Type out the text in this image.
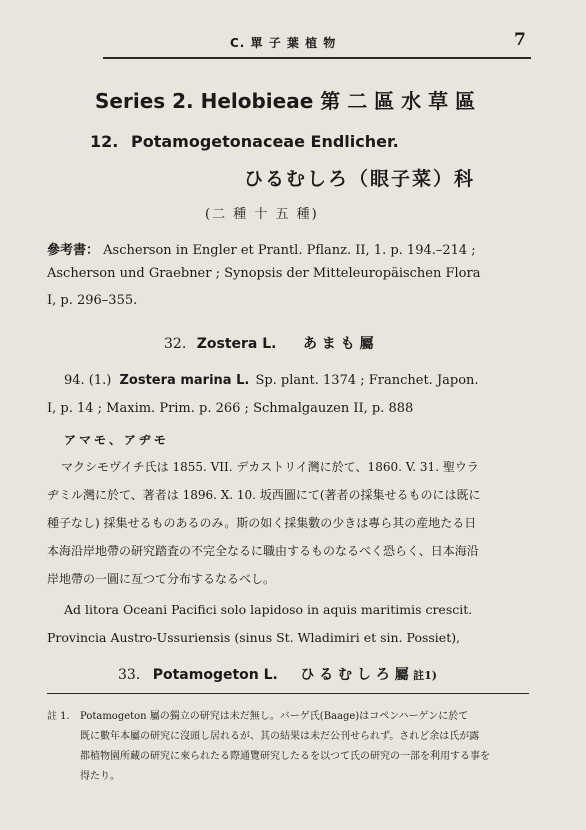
C. 單 子 葉 植 物	7
Series 2. Helobieae 第 二 區 水 草 區
12. Potamogetonaceae Endlicher.
ひるむしろ（眼子菜）科
(二 種 十 五 種)
參考書： Ascherson in Engler et Prantl. Pflanz. II, 1. p. 194.–214 ;
Ascherson und Graebner ; Synopsis der Mitteleuropäischen Flora
I, p. 296–355.
32. Zostera L. あ ま も 屬
94. (1.) Zostera marina L. Sp. plant. 1374 ; Franchet. Japon.
I, p. 14 ; Maxim. Prim. p. 266 ; Schmalgauzen II, p. 888
アマモ、アヂモ
マクシモヴイチ氏は 1855. VII. デカストリイ灣に於て、1860. V. 31. 聖ウラ
ヂミル灣に於て、著者は 1896. X. 10. 坂西圖にて(著者の採集せるものには既に
種子なし) 採集せるものあるのみ。斯の如く採集數の少きは專ら其の産地たる日
本海沿岸地帶の研究踏査の不完全なるに職由するものなるべく恐らく、日本海沿
岸地帶の一圓に亙つて分布するなるべし。
Ad litora Oceani Pacifici solo lapidoso in aquis maritimis crescit.
Provincia Austro-Ussuriensis (sinus St. Wladimiri et sin. Possiet),
33. Potamogeton L. ひ る む し ろ 屬 註1)
註 1. Potamogeton 屬の獨立の研究は未だ無し。バーゲ氏(Baage)はコペンハーゲンに於て
既に數年本屬の研究に沒頭し居れるが、其の結果は未だ公刊せられず。されど余は氏が露
都植物園所藏の研究に來られたる際通覽研究したるを以つて氏の研究の一部を利用する事を
得たり。
